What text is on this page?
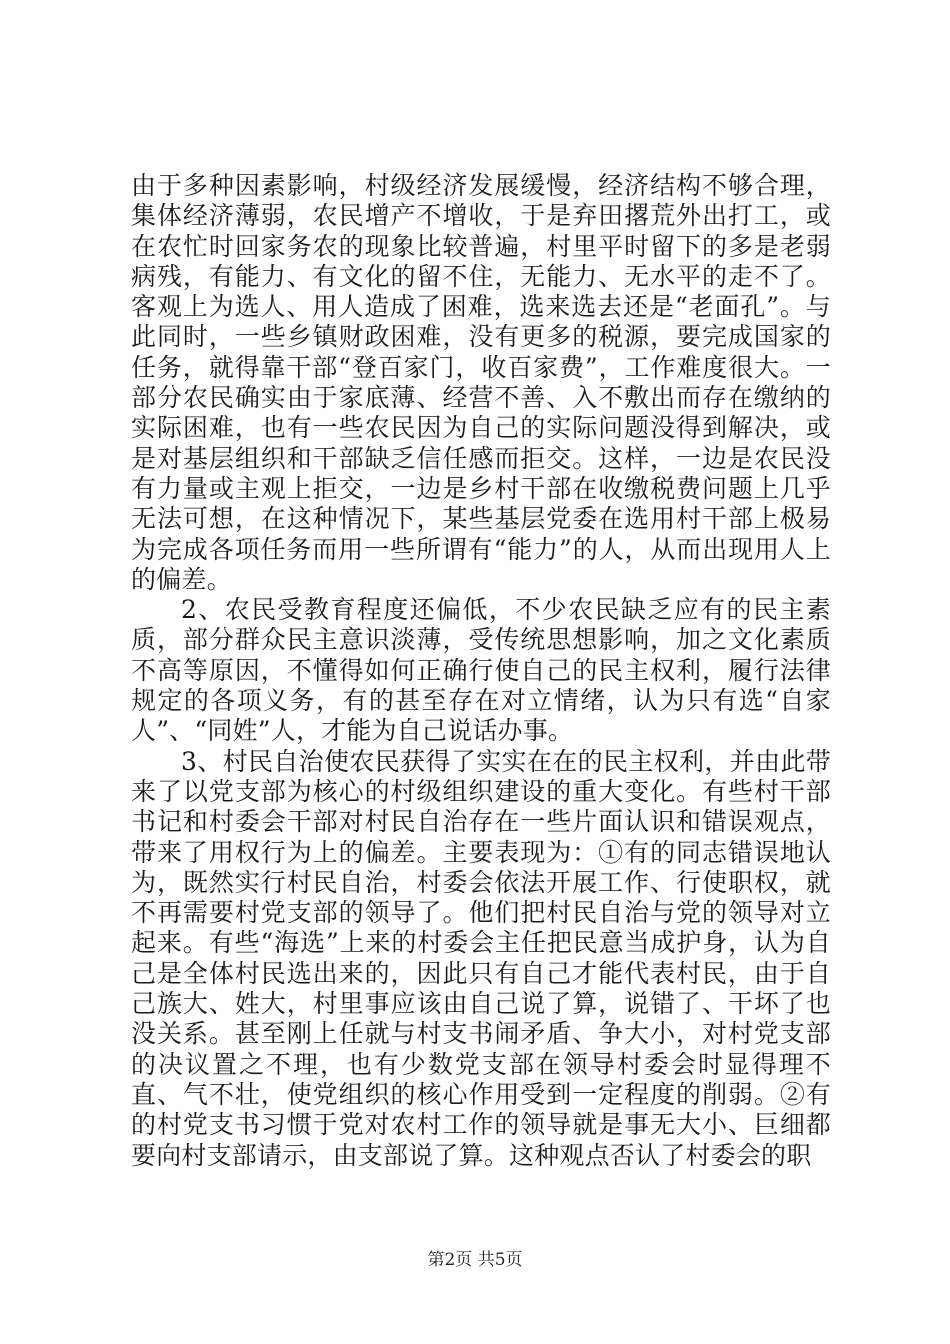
由于多种因素影响，村级经济发展缓慢，经济结构不够合理，集体经济薄弱，农民增产不增收，于是弃田撂荒外出打工，或在农忙时回家务农的现象比较普遍，村里平时留下的多是老弱病残，有能力、有文化的留不住，无能力、无水平的走不了。客观上为选人、用人造成了困难，选来选去还是“老面孔”。与此同时，一些乡镇财政困难，没有更多的税源，要完成国家的任务，就得靠干部“登百家门，收百家费”，工作难度很大。一部分农民确实由于家底薄、经营不善、入不敷出而存在缴纳的实际困难，也有一些农民因为自己的实际问题没得到解决，或是对基层组织和干部缺乏信任感而拒交。这样，一边是农民没有力量或主观上拒交，一边是乡村干部在收缴税费问题上几乎无法可想，在这种情况下，某些基层党委在选用村干部上极易为完成各项任务而用一些所谓有“能力”的人，从而出现用人上的偏差。

2、农民受教育程度还偏低，不少农民缺乏应有的民主素质，部分群众民主意识淡薄，受传统思想影响，加之文化素质不高等原因，不懂得如何正确行使自己的民主权利，履行法律规定的各项义务，有的甚至存在对立情绪，认为只有选“自家人”、“同姓”人，才能为自己说话办事。

3、村民自治使农民获得了实实在在的民主权利，并由此带来了以党支部为核心的村级组织建设的重大变化。有些村干部书记和村委会干部对村民自治存在一些片面认识和错误观点，带来了用权行为上的偏差。主要表现为：①有的同志错误地认为，既然实行村民自治，村委会依法开展工作、行使职权，就不再需要村党支部的领导了。他们把村民自治与党的领导对立起来。有些“海选”上来的村委会主任把民意当成护身，认为自己是全体村民选出来的，因此只有自己才能代表村民，由于自己族大、姓大，村里事应该由自己说了算，说错了、干坏了也没关系。甚至刚上任就与村支书闹矛盾、争大小，对村党支部的决议置之不理，也有少数党支部在领导村委会时显得理不直、气不壮，使党组织的核心作用受到一定程度的削弱。②有的村党支书习惯于党对农村工作的领导就是事无大小、巨细都要向村支部请示，由支部说了算。这种观点否认了村委会的职

第2页 共5页
